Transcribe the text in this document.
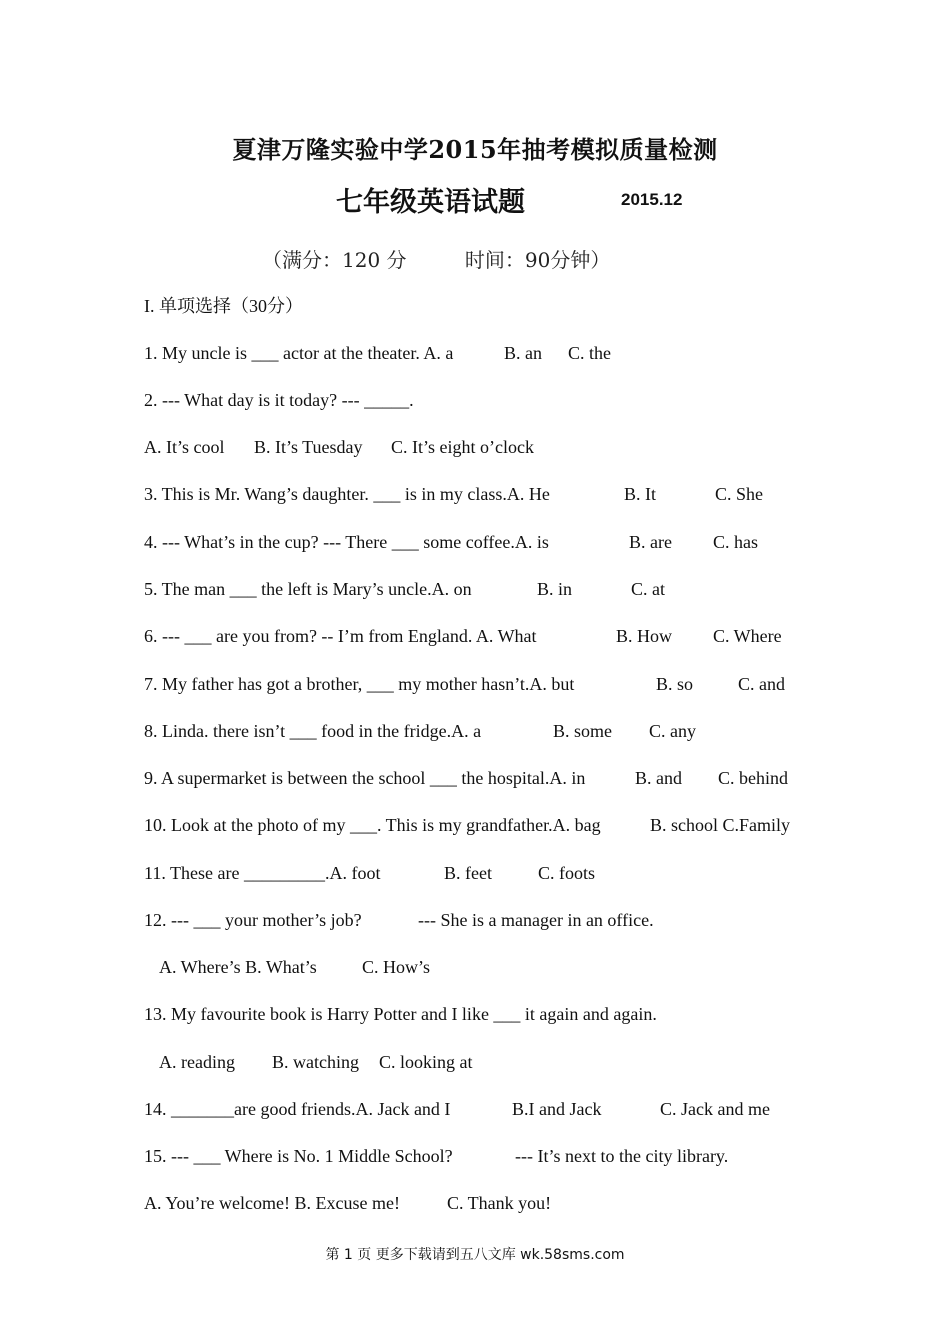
夏津万隆实验中学2015年抽考模拟质量检测
七年级英语试题	2015.12
（满分：120 分	时间：90分钟）
I. 单项选择（30分）
1. My uncle is ___ actor at the theater. A. a	B. an C. the
2. --- What day is it today? --- _____.
A. It’s cool B. It’s Tuesday C. It’s eight o’clock
3. This is Mr. Wang’s daughter. ___ is in my class.A. He	B. It	C. She
4. --- What’s in the cup? --- There ___ some coffee.A. is	B. are C. has
5. The man ___ the left is Mary’s uncle.A. on	B. in	C. at
6. --- ___ are you from? -- I’m from England. A. What	B. How C. Where
7. My father has got a brother, ___ my mother hasn’t.A. but	B. so C. and
8. Linda. there isn’t ___ food in the fridge.A. a	B. some C. any
9. A supermarket is between the school ___ the hospital.A. in	B. and C. behind
10. Look at the photo of my ___. This is my grandfather.A. bag	B. school C.Family
11. These are _________.A. foot	B. feet	C. foots
12. --- ___ your mother’s job?	--- She is a manager in an office.
A. Where’s B. What’s	C. How’s
13. My favourite book is Harry Potter and I like ___ it again and again.
A. reading B. watching C. looking at
14. _______are good friends.A. Jack and I	B.I and Jack	C. Jack and me
15. --- ___ Where is No. 1 Middle School?	--- It’s next to the city library.
A. You’re welcome! B. Excuse me!	C. Thank you!
第 1 页 更多下载请到五八文库 wk.58sms.com
